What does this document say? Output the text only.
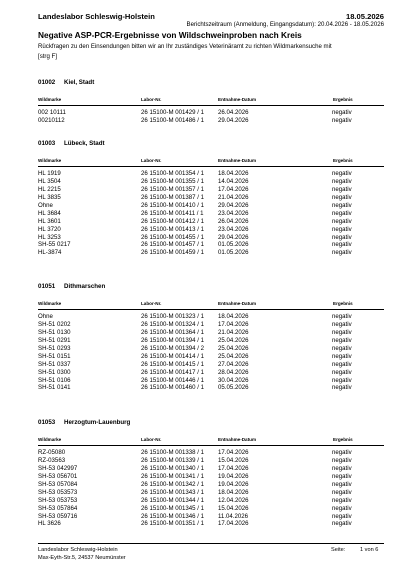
Landeslabor Schleswig-Holstein	18.05.2026
Berichtszeitraum (Anmeldung, Eingangsdatum): 20.04.2026 - 18.05.2026
Negative ASP-PCR-Ergebnisse von Wildschweinproben nach Kreis
Rückfragen zu den Einsendungen bitten wir an Ihr zuständiges Veterinäramt zu richten Wildmarkensuche mit [strg F]
01002 Kiel, Stadt
Wildmarke	Labor-Nr.	Entnahme-Datum	Ergebnis
002 10111	26 15100-M 001429 / 1 26.04.2026	negativ
00210112	26 15100-M 001486 / 1 29.04.2026	negativ
01003 Lübeck, Stadt
Wildmarke	Labor-Nr.	Entnahme-Datum	Ergebnis
HL 1919	26 15100-M 001354 / 1 18.04.2026	negativ
HL 3504	26 15100-M 001355 / 1 14.04.2026	negativ
HL 2215	26 15100-M 001357 / 1 17.04.2026	negativ
HL 3835	26 15100-M 001387 / 1 21.04.2026	negativ
Ohne	26 15100-M 001410 / 1 29.04.2026	negativ
HL 3684	26 15100-M 001411 / 1 23.04.2026	negativ
HL 3601	26 15100-M 001412 / 1 26.04.2026	negativ
HL 3720	26 15100-M 001413 / 1 23.04.2026	negativ
HL 3253	26 15100-M 001455 / 1 29.04.2026	negativ
SH-55 0217	26 15100-M 001457 / 1 01.05.2026	negativ
HL-3874	26 15100-M 001459 / 1 01.05.2026	negativ
01051 Dithmarschen
Wildmarke	Labor-Nr.	Entnahme-Datum	Ergebnis
Ohne	26 15100-M 001323 / 1 18.04.2026	negativ
SH-51 0202	26 15100-M 001324 / 1 17.04.2026	negativ
SH-51 0130	26 15100-M 001364 / 1 21.04.2026	negativ
SH-51 0291	26 15100-M 001394 / 1 25.04.2026	negativ
SH-51 0293	26 15100-M 001394 / 2 25.04.2026	negativ
SH-51 0151	26 15100-M 001414 / 1 25.04.2026	negativ
SH-51 0337	26 15100-M 001415 / 1 27.04.2026	negativ
SH-51 0300	26 15100-M 001417 / 1 28.04.2026	negativ
SH-51 0106	26 15100-M 001446 / 1 30.04.2026	negativ
SH-51 0141	26 15100-M 001460 / 1 05.05.2026	negativ
01053 Herzogtum-Lauenburg
Wildmarke	Labor-Nr.	Entnahme-Datum	Ergebnis
RZ-05080	26 15100-M 001338 / 1 17.04.2026	negativ
RZ-03563	26 15100-M 001339 / 1 15.04.2026	negativ
SH-53 042997	26 15100-M 001340 / 1 17.04.2026	negativ
SH-53 056701	26 15100-M 001341 / 1 19.04.2026	negativ
SH-53 057084	26 15100-M 001342 / 1 19.04.2026	negativ
SH-53 053573	26 15100-M 001343 / 1 18.04.2026	negativ
SH-53 053753	26 15100-M 001344 / 1 12.04.2026	negativ
SH-53 057864	26 15100-M 001345 / 1 15.04.2026	negativ
SH-53 059716	26 15100-M 001346 / 1 11.04.2026	negativ
HL 3626	26 15100-M 001351 / 1 17.04.2026	negativ
Landeslabor Schleswig-Holstein
Max-Eyth-Str.5, 24537 Neumünster
Seite:	1 von 6
